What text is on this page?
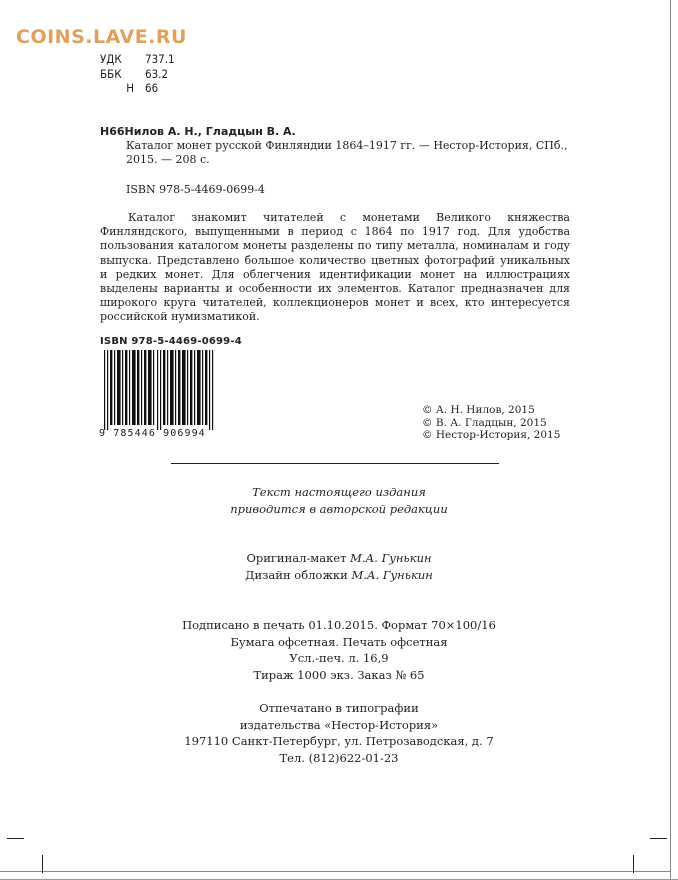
COINS.LAVE.RU
УДК	737.1
ББК	63.2
Н 66
Н66Нилов А. Н., Гладцын В. А.
Каталог монет русской Финляндии 1864–1917 гг. — Нестор-История, СПб.,
2015. — 208 с.
ISBN 978-5-4469-0699-4

Каталог знакомит читателей с монетами Великого княжества Финляндского, выпущенными в период с 1864 по 1917 год. Для удобства пользования каталогом монеты разделены по типу металла, номиналам и году выпуска. Представлено большое количество цветных фотографий уникальных и редких монет. Для облегчения идентификации монет на иллюстрациях выделены варианты и особенности их элементов. Каталог предназначен для широкого круга читателей, коллекционеров монет и всех, кто интересуется российской нумизматикой.

ISBN 978-5-4469-0699-4
9 785446 906994
© А. Н. Нилов, 2015
© В. А. Гладцын, 2015
© Нестор-История, 2015
Текст настоящего издания
приводится в авторской редакции
Оригинал-макет М.А. Гунькин
Дизайн обложки М.А. Гунькин
Подписано в печать 01.10.2015. Формат 70×100/16
Бумага офсетная. Печать офсетная
Усл.-печ. л. 16,9
Тираж 1000 экз. Заказ № 65
Отпечатано в типографии
издательства «Нестор-История»
197110 Санкт-Петербург, ул. Петрозаводская, д. 7
Тел. (812)622-01-23
